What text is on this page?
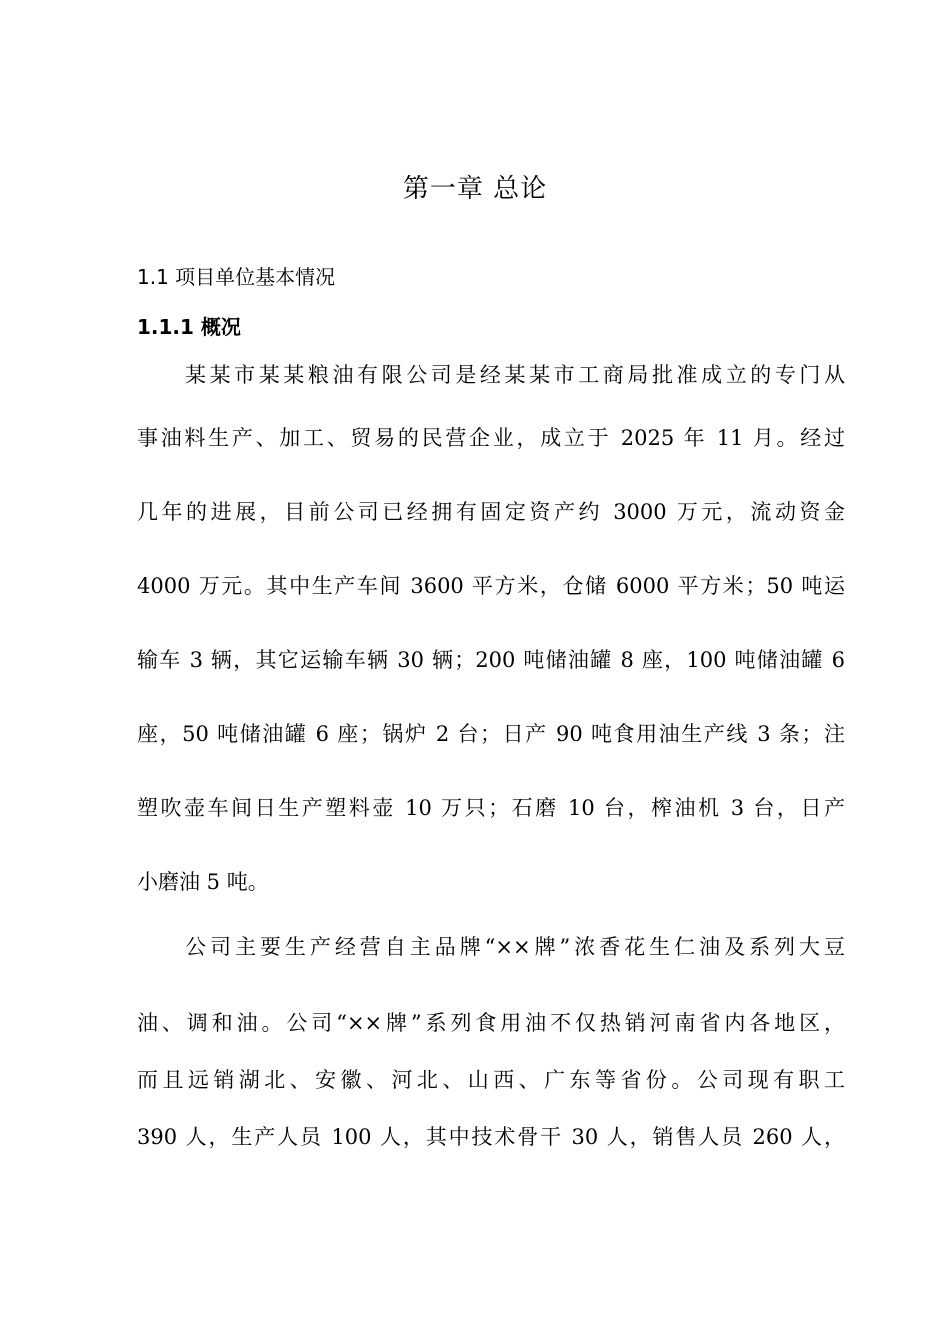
第一章 总论
1.1 项目单位基本情况
1.1.1 概况
某某市某某粮油有限公司是经某某市工商局批准成立的专门从
事油料生产、加工、贸易的民营企业，成立于 2025 年 11 月。经过
几年的进展，目前公司已经拥有固定资产约 3000 万元，流动资金
4000 万元。其中生产车间 3600 平方米，仓储 6000 平方米；50 吨运
输车 3 辆，其它运输车辆 30 辆；200 吨储油罐 8 座，100 吨储油罐 6
座，50 吨储油罐 6 座；锅炉 2 台；日产 90 吨食用油生产线 3 条；注
塑吹壶车间日生产塑料壶 10 万只；石磨 10 台，榨油机 3 台，日产
小磨油 5 吨。
公司主要生产经营自主品牌“××牌”浓香花生仁油及系列大豆
油、调和油。公司“××牌”系列食用油不仅热销河南省内各地区，
而且远销湖北、安徽、河北、山西、广东等省份。公司现有职工
390 人，生产人员 100 人，其中技术骨干 30 人，销售人员 260 人，
